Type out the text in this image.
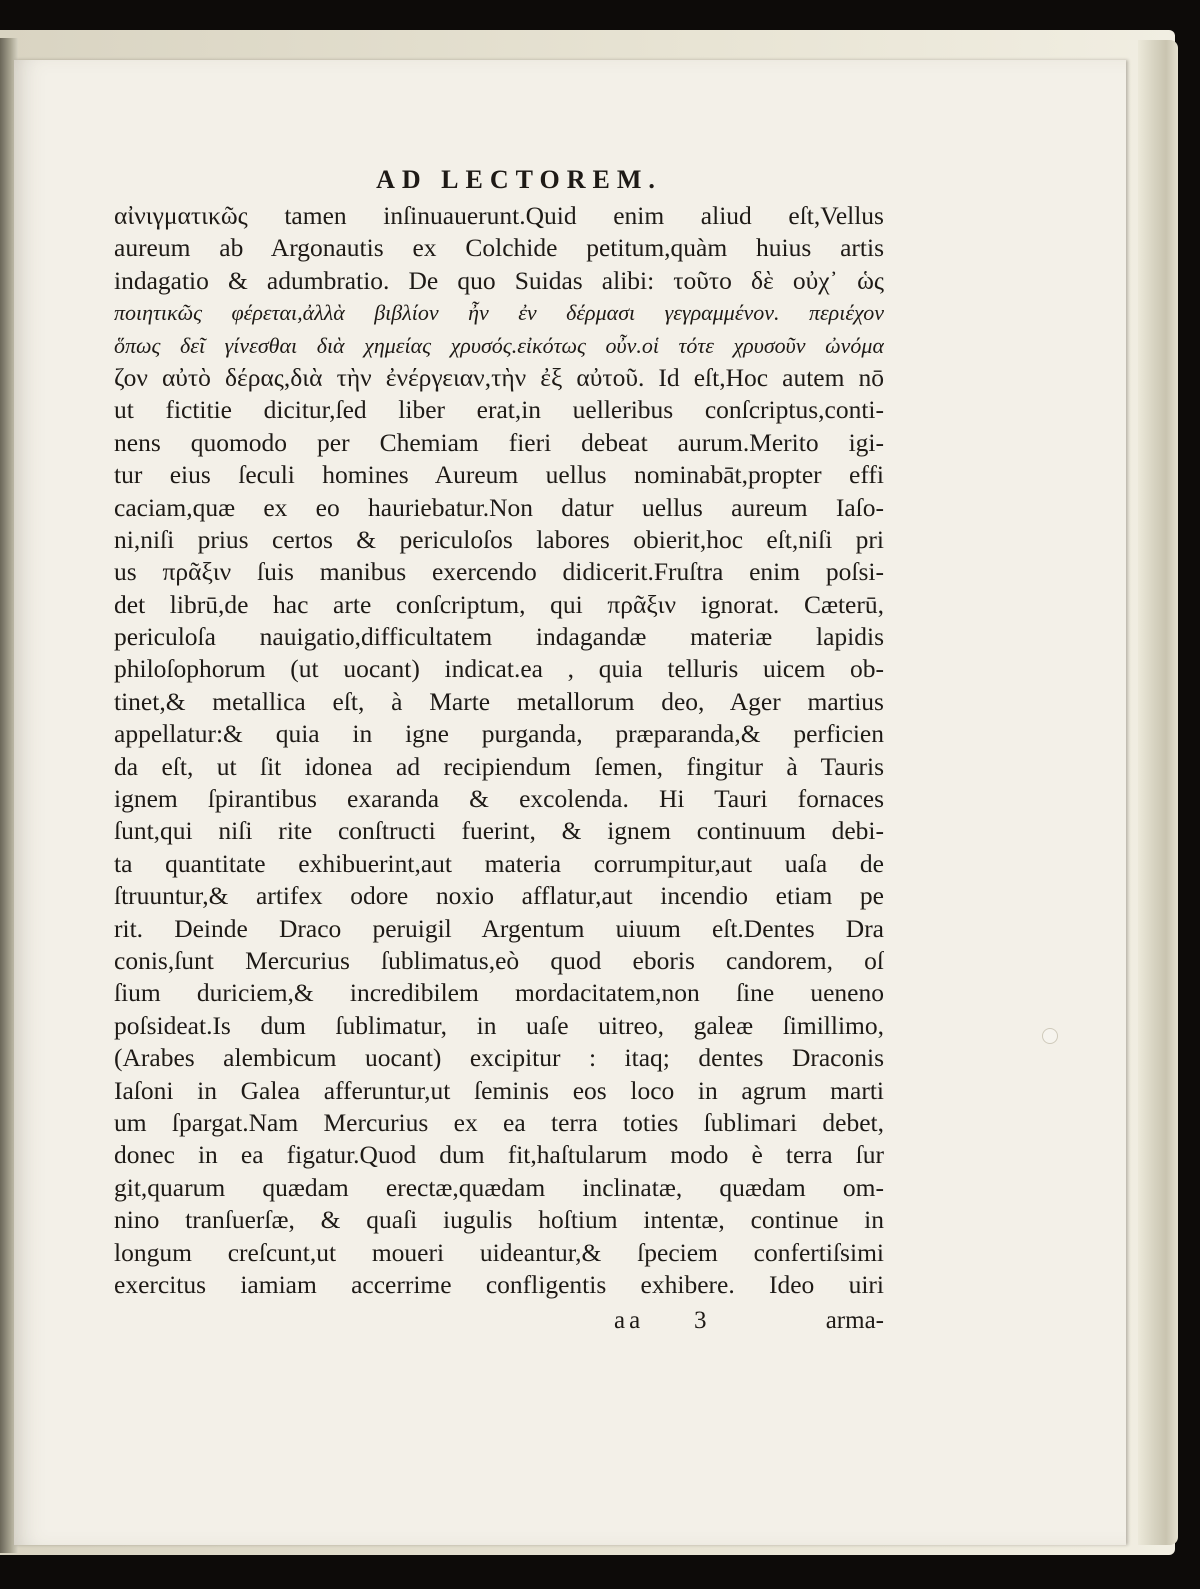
AD LECTOREM.
αἰνιγματικῶς tamen inſinuauerunt.Quid enim aliud eſt,Vellus
aureum ab Argonautis ex Colchide petitum,quàm huius artis
indagatio & adumbratio. De quo Suidas alibi: τοῦτο δὲ οὐχ᾽ ὡς
ποιητικῶς φέρεται,ἀλλὰ βιβλίον ἦν ἐν δέρμασι γεγραμμένον. περιέχον
ὅπως δεῖ γίνεσθαι διὰ χημείας χρυσός.εἰκότως οὖν.οἱ τότε χρυσοῦν ὠνόμα
ζον αὐτὸ δέρας,διὰ τὴν ἐνέργειαν,τὴν ἐξ αὐτοῦ. Id eſt,Hoc autem nō
ut fictitie dicitur,ſed liber erat,in uelleribus conſcriptus,conti-
nens quomodo per Chemiam fieri debeat aurum.Merito igi-
tur eius ſeculi homines Aureum uellus nominabāt,propter effi
caciam,quæ ex eo hauriebatur.Non datur uellus aureum Iaſo-
ni,niſi prius certos & periculoſos labores obierit,hoc eſt,niſi pri
us πρᾶξιν ſuis manibus exercendo didicerit.Fruſtra enim poſsi-
det librū,de hac arte conſcriptum, qui πρᾶξιν ignorat. Cæterū,
periculoſa nauigatio,difficultatem indagandæ materiæ lapidis
philoſophorum (ut uocant) indicat.ea , quia telluris uicem ob-
tinet,& metallica eſt, à Marte metallorum deo, Ager martius
appellatur:& quia in igne purganda, præparanda,& perficien
da eſt, ut ſit idonea ad recipiendum ſemen, fingitur à Tauris
ignem ſpirantibus exaranda & excolenda. Hi Tauri fornaces
ſunt,qui niſi rite conſtructi fuerint, & ignem continuum debi-
ta quantitate exhibuerint,aut materia corrumpitur,aut uaſa de
ſtruuntur,& artifex odore noxio afflatur,aut incendio etiam pe
rit. Deinde Draco peruigil Argentum uiuum eſt.Dentes Dra
conis,ſunt Mercurius ſublimatus,eò quod eboris candorem, oſ
ſium duriciem,& incredibilem mordacitatem,non ſine ueneno
poſsideat.Is dum ſublimatur, in uaſe uitreo, galeæ ſimillimo,
(Arabes alembicum uocant) excipitur : itaq; dentes Draconis
Iaſoni in Galea afferuntur,ut ſeminis eos loco in agrum marti
um ſpargat.Nam Mercurius ex ea terra toties ſublimari debet,
donec in ea figatur.Quod dum fit,haſtularum modo è terra ſur
git,quarum quædam erectæ,quædam inclinatæ, quædam om-
nino tranſuerſæ, & quaſi iugulis hoſtium intentæ, continue in
longum creſcunt,ut moueri uideantur,& ſpeciem confertiſsimi
exercitus iamiam accerrime confligentis exhibere. Ideo uiri
aa 3	arma-
